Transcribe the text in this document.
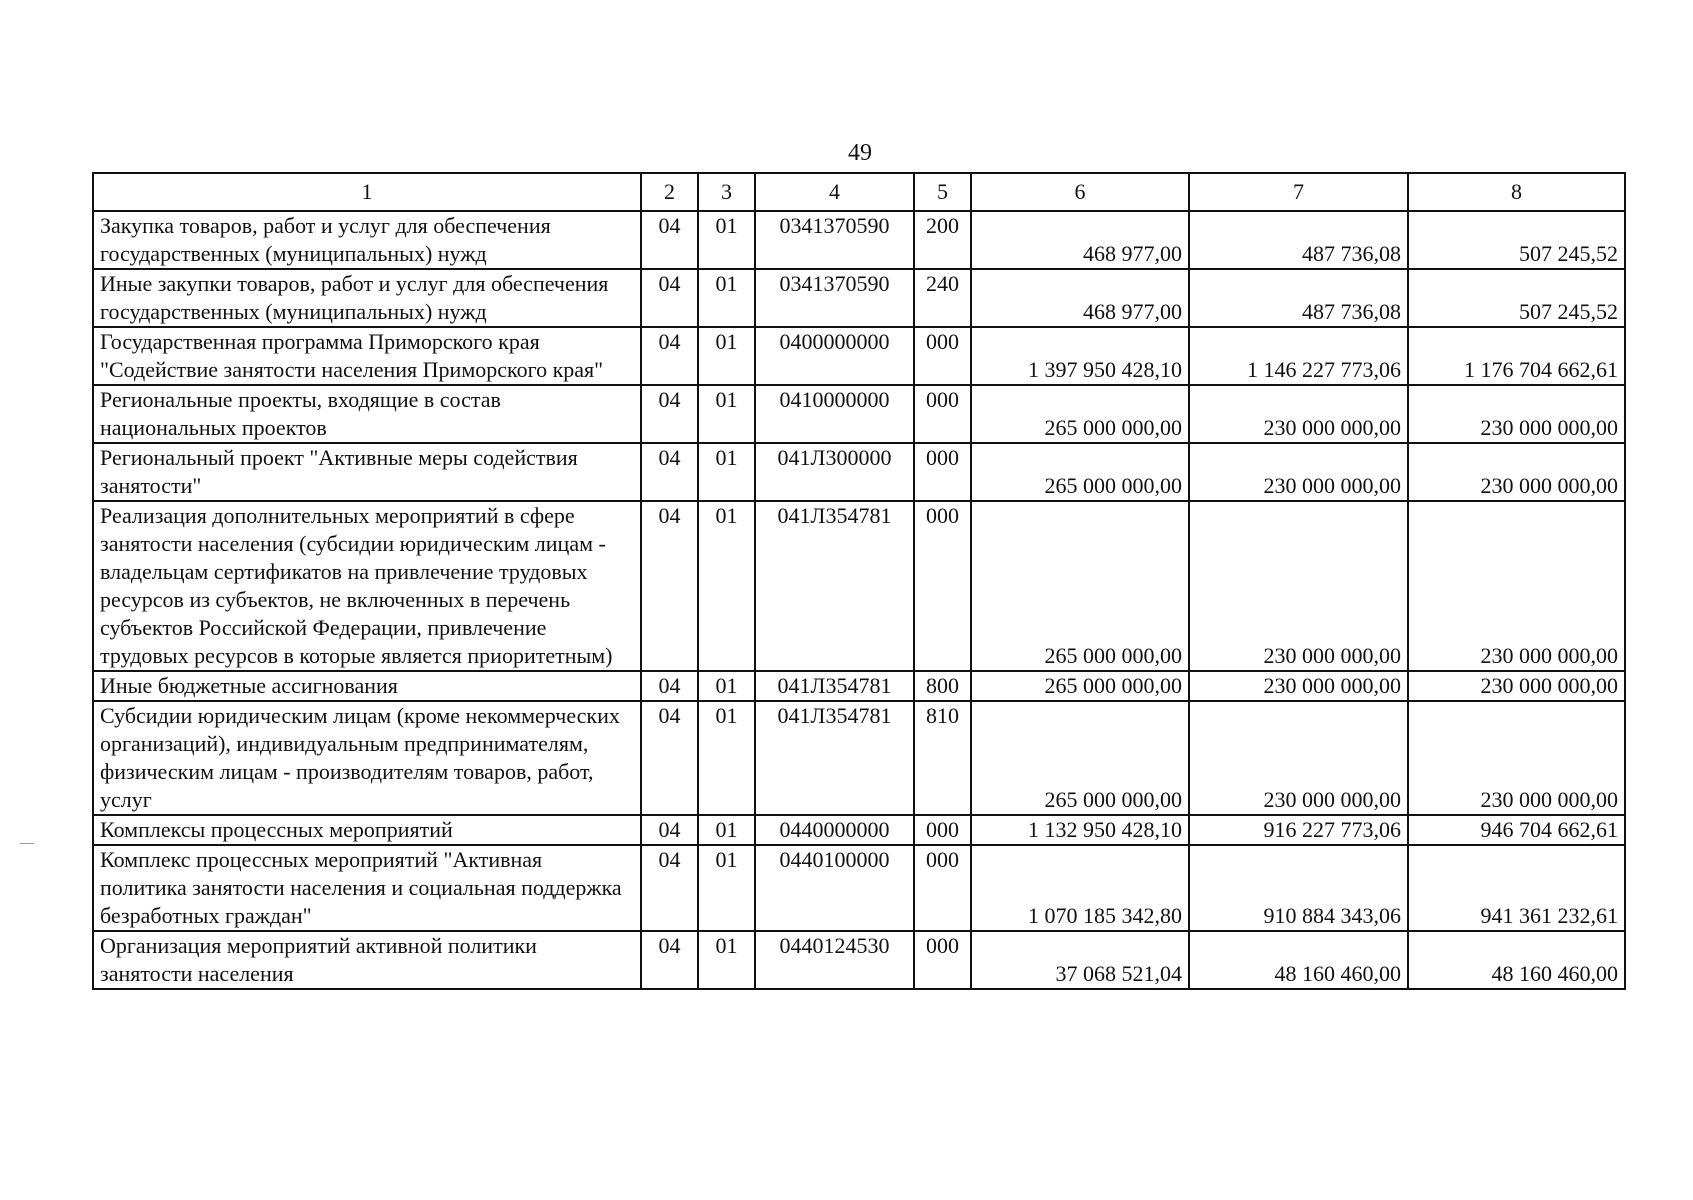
49
1	2	3	4	5	6	7	8
Закупка товаров, работ и услуг для обеспечения государственных (муниципальных) нужд	04	01	0341370590	200	468 977,00	487 736,08	507 245,52
Иные закупки товаров, работ и услуг для обеспечения государственных (муниципальных) нужд	04	01	0341370590	240	468 977,00	487 736,08	507 245,52
Государственная программа Приморского края "Содействие занятости населения Приморского края"	04	01	0400000000	000	1 397 950 428,10	1 146 227 773,06	1 176 704 662,61
Региональные проекты, входящие в состав национальных проектов	04	01	0410000000	000	265 000 000,00	230 000 000,00	230 000 000,00
Региональный проект "Активные меры содействия занятости"	04	01	041Л300000	000	265 000 000,00	230 000 000,00	230 000 000,00
Реализация дополнительных мероприятий в сфере занятости населения (субсидии юридическим лицам - владельцам сертификатов на привлечение трудовых ресурсов из субъектов, не включенных в перечень субъектов Российской Федерации, привлечение трудовых ресурсов в которые является приоритетным)	04	01	041Л354781	000	265 000 000,00	230 000 000,00	230 000 000,00
Иные бюджетные ассигнования	04	01	041Л354781	800	265 000 000,00	230 000 000,00	230 000 000,00
Субсидии юридическим лицам (кроме некоммерческих организаций), индивидуальным предпринимателям, физическим лицам - производителям товаров, работ, услуг	04	01	041Л354781	810	265 000 000,00	230 000 000,00	230 000 000,00
Комплексы процессных мероприятий	04	01	0440000000	000	1 132 950 428,10	916 227 773,06	946 704 662,61
Комплекс процессных мероприятий "Активная политика занятости населения и социальная поддержка безработных граждан"	04	01	0440100000	000	1 070 185 342,80	910 884 343,06	941 361 232,61
Организация мероприятий активной политики занятости населения	04	01	0440124530	000	37 068 521,04	48 160 460,00	48 160 460,00
